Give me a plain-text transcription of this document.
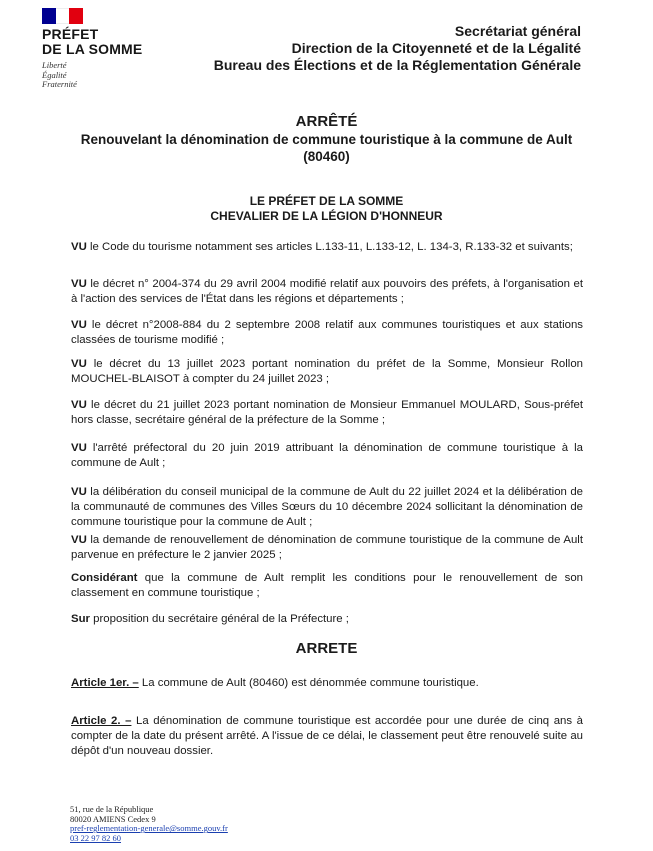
PRÉFET
DE LA SOMME
Liberté
Égalité
Fraternité
Secrétariat général
Direction de la Citoyenneté et de la Légalité
Bureau des Élections et de la Réglementation Générale
ARRÊTÉ
Renouvelant la dénomination de commune touristique à la commune de Ault (80460)
LE PRÉFET DE LA SOMME
CHEVALIER DE LA LÉGION D'HONNEUR

VU le Code du tourisme notamment ses articles L.133-11, L.133-12, L. 134-3, R.133-32 et suivants;

VU le décret n° 2004-374 du 29 avril 2004 modifié relatif aux pouvoirs des préfets, à l'organisation et à l'action des services de l'État dans les régions et départements ;

VU le décret n°2008-884 du 2 septembre 2008 relatif aux communes touristiques et aux stations classées de tourisme modifié ;

VU le décret du 13 juillet 2023 portant nomination du préfet de la Somme, Monsieur Rollon MOUCHEL-BLAISOT à compter du 24 juillet 2023 ;

VU le décret du 21 juillet 2023 portant nomination de Monsieur Emmanuel MOULARD, Sous-préfet hors classe, secrétaire général de la préfecture de la Somme ;

VU l'arrêté préfectoral du 20 juin 2019 attribuant la dénomination de commune touristique à la commune de Ault ;

VU la délibération du conseil municipal de la commune de Ault du 22 juillet 2024 et la délibération de la communauté de communes des Villes Sœurs du 10 décembre 2024 sollicitant la dénomination de commune touristique pour la commune de Ault ;

VU la demande de renouvellement de dénomination de commune touristique de la commune de Ault parvenue en préfecture le 2 janvier 2025 ;

Considérant que la commune de Ault remplit les conditions pour le renouvellement de son classement en commune touristique ;

Sur proposition du secrétaire général de la Préfecture ;

ARRETE

Article 1er. – La commune de Ault (80460) est dénommée commune touristique.

Article 2. – La dénomination de commune touristique est accordée pour une durée de cinq ans à compter de la date du présent arrêté. A l'issue de ce délai, le classement peut être renouvelé suite au dépôt d'un nouveau dossier.

51, rue de la République
80020 AMIENS Cedex 9
pref-reglementation-generale@somme.gouv.fr
03 22 97 82 60
